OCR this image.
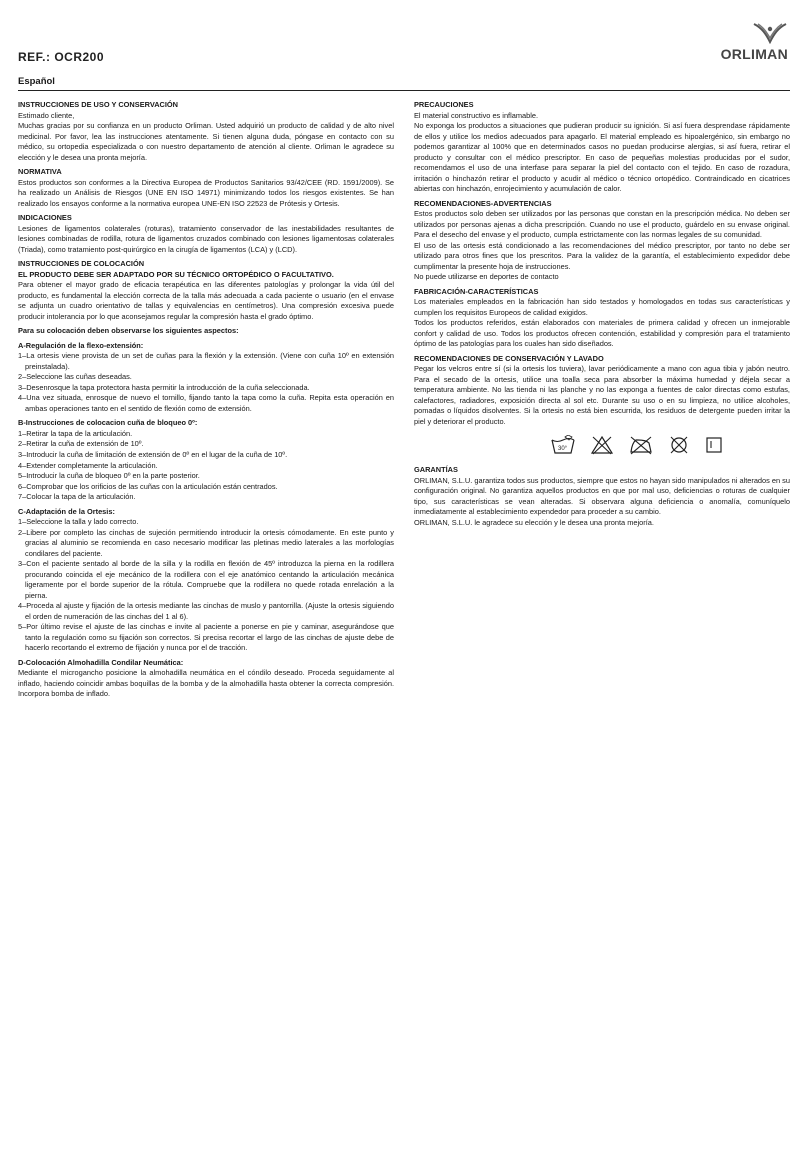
REF.: OCR200	ORLIMAN
Español
INSTRUCCIONES DE USO Y CONSERVACIÓN
Estimado cliente,
Muchas gracias por su confianza en un producto Orliman. Usted adquirió un producto de calidad y de alto nivel medicinal. Por favor, lea las instrucciones atentamente. Si tienen alguna duda, póngase en contacto con su médico, su ortopedia especializada o con nuestro departamento de atención al cliente. Orliman le agradece su elección y le desea una pronta mejoría.
NORMATIVA
Estos productos son conformes a la Directiva Europea de Productos Sanitarios 93/42/CEE (RD. 1591/2009). Se ha realizado un Análisis de Riesgos (UNE EN ISO 14971) minimizando todos los riesgos existentes. Se han realizado los ensayos conforme a la normativa europea UNE-EN ISO 22523 de Prótesis y Ortesis.
INDICACIONES
Lesiones de ligamentos colaterales (roturas), tratamiento conservador de las inestabilidades resultantes de lesiones combinadas de rodilla, rotura de ligamentos cruzados combinado con lesiones ligamentosas colaterales (Triada), como tratamiento post-quirúrgico en la cirugía de ligamentos (LCA) y (LCD).
INSTRUCCIONES DE COLOCACIÓN
EL PRODUCTO DEBE SER ADAPTADO POR SU TÉCNICO ORTOPÉDICO O FACULTATIVO.
Para obtener el mayor grado de eficacia terapéutica en las diferentes patologías y prolongar la vida útil del producto, es fundamental la elección correcta de la talla más adecuada a cada paciente o usuario (en el envase se adjunta un cuadro orientativo de tallas y equivalencias en centímetros). Una compresión excesiva puede producir intolerancia por lo que aconsejamos regular la compresión hasta el grado óptimo.
Para su colocación deben observarse los siguientes aspectos:
A-Regulación de la flexo-extensión:
1–La ortesis viene provista de un set de cuñas para la flexión y la extensión. (Viene con cuña 10º en extensión preinstalada).
2–Seleccione las cuñas deseadas.
3–Desenrosque la tapa protectora hasta permitir la introducción de la cuña seleccionada.
4–Una vez situada, enrosque de nuevo el tornillo, fijando tanto la tapa como la cuña. Repita esta operación en ambas operaciones tanto en el sentido de flexión como de extensión.
B-Instrucciones de colocacion cuña de bloqueo 0º:
1–Retirar la tapa de la articulación.
2–Retirar la cuña de extensión de 10º.
3–Introducir la cuña de limitación de extensión de 0º en el lugar de la cuña de 10º.
4–Extender completamente la articulación.
5–Introducir la cuña de bloqueo 0º en la parte posterior.
6–Comprobar que los orificios de las cuñas con la articulación están centrados.
7–Colocar la tapa de la articulación.
C-Adaptación de la Ortesis:
1–Seleccione la talla y lado correcto.
2–Libere por completo las cinchas de sujeción permitiendo introducir la ortesis cómodamente. En este punto y gracias al aluminio se recomienda en caso necesario modificar las pletinas medio laterales a las morfologías condilares del paciente.
3–Con el paciente sentado al borde de la silla y la rodilla en flexión de 45º introduzca la pierna en la rodillera procurando coincida el eje mecánico de la rodillera con el eje anatómico centando la articulación mecánica ligeramente por el borde superior de la rótula. Compruebe que la rodillera no quede rotada enrelación a la pierna.
4–Proceda al ajuste y fijación de la ortesis mediante las cinchas de muslo y pantorrilla. (Ajuste la ortesis siguiendo el orden de numeración de las cinchas del 1 al 6).
5–Por último revise el ajuste de las cinchas e invite al paciente a ponerse en pie y caminar, asegurándose que tanto la regulación como su fijación son correctos. Si precisa recortar el largo de las cinchas de ajuste debe de hacerlo recortando el extremo de fijación y nunca por el de tracción.
D-Colocación Almohadilla Condilar Neumática:
Mediante el microgancho posicione la almohadilla neumática en el cóndilo deseado. Proceda seguidamente al inflado, haciendo coincidir ambas boquillas de la bomba y de la almohadilla hasta obtener la correcta compresión. Incorpora bomba de inflado.
PRECAUCIONES
El material constructivo es inflamable.
No exponga los productos a situaciones que pudieran producir su ignición. Si así fuera desprendase rápidamente de ellos y utilice los medios adecuados para apagarlo. El material empleado es hipoalergénico, sin embargo no podemos garantizar al 100% que en determinados casos no puedan producirse alergias, si así fuera, retirar el producto y consultar con el médico prescriptor. En caso de pequeñas molestias producidas por el sudor, recomendamos el uso de una interfase para separar la piel del contacto con el tejido. En caso de rozadura, irritación o hinchazón retirar el producto y acudir al médico o técnico ortopédico. Contraindicado en cicatrices abiertas con hinchazón, enrojecimiento y acumulación de calor.
RECOMENDACIONES-ADVERTENCIAS
Estos productos solo deben ser utilizados por las personas que constan en la prescripción médica. No deben ser utilizados por personas ajenas a dicha prescripción. Cuando no use el producto, guárdelo en su envase original. Para el desecho del envase y el producto, cumpla estrictamente con las normas legales de su comunidad.
El uso de las ortesis está condicionado a las recomendaciones del médico prescriptor, por tanto no debe ser utilizado para otros fines que los prescritos. Para la validez de la garantía, el establecimiento expedidor debe cumplimentar la presente hoja de instrucciones.
No puede utilizarse en deportes de contacto
FABRICACIÓN-CARACTERÍSTICAS
Los materiales empleados en la fabricación han sido testados y homologados en todas sus características y cumplen los requisitos Europeos de calidad exigidos.
Todos los productos referidos, están elaborados con materiales de primera calidad y ofrecen un inmejorable confort y calidad de uso. Todos los productos ofrecen contención, estabilidad y compresión para el tratamiento óptimo de las patologías para los cuales han sido diseñados.
RECOMENDACIONES DE CONSERVACIÓN Y LAVADO
Pegar los velcros entre sí (si la ortesis los tuviera), lavar periódicamente a mano con agua tibia y jabón neutro. Para el secado de la ortesis, utilice una toalla seca para absorber la máxima humedad y déjela secar a temperatura ambiente. No las tienda ni las planche y no las exponga a fuentes de calor directas como estufas, calefactores, radiadores, exposición directa al sol etc. Durante su uso o en su limpieza, no utilice alcoholes, pomadas o líquidos disolventes. Si la ortesis no está bien escurrida, los residuos de detergente pueden irritar la piel y deteriorar el producto.
30°
GARANTÍAS
ORLIMAN, S.L.U. garantiza todos sus productos, siempre que estos no hayan sido manipulados ni alterados en su configuración original. No garantiza aquellos productos en que por mal uso, deficiencias o roturas de cualquier tipo, sus características se vean alteradas. Si observara alguna deficiencia o anomalía, comuníquelo inmediatamente al establecimiento expendedor para proceder a su cambio.
ORLIMAN, S.L.U. le agradece su elección y le desea una pronta mejoría.
